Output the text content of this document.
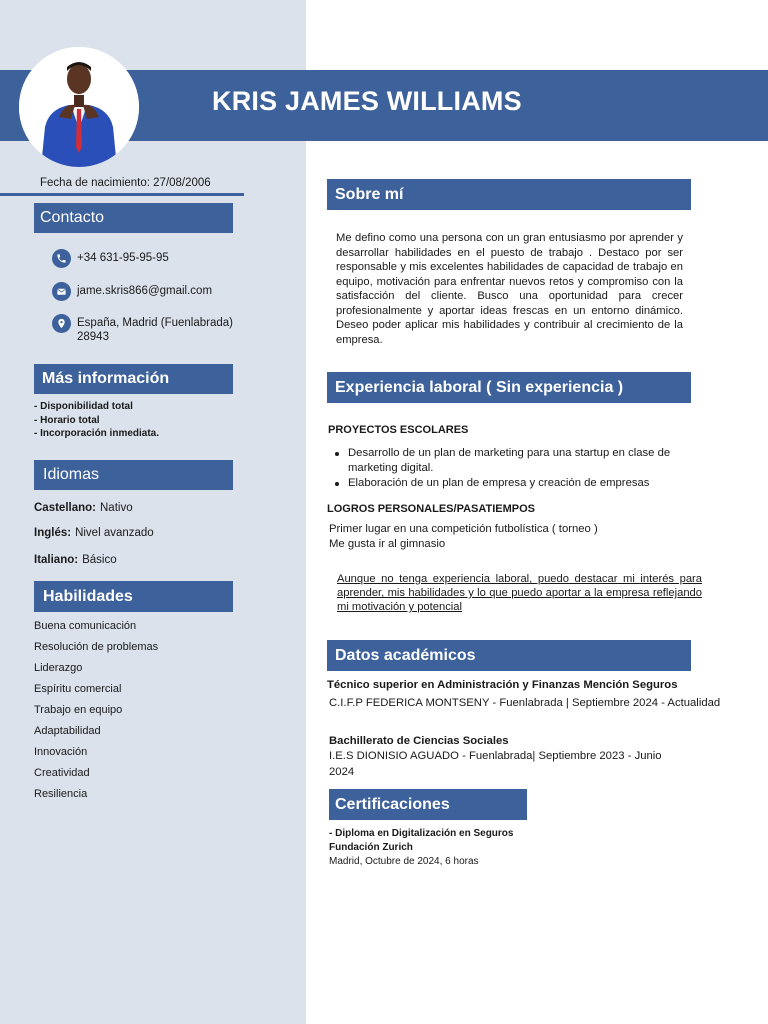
KRIS JAMES WILLIAMS
Fecha de nacimiento: 27/08/2006
Contacto
+34 631-95-95-95
jame.skris866@gmail.com
España, Madrid (Fuenlabrada)
28943
Más información
- Disponibilidad total
- Horario total
- Incorporación inmediata.
Idiomas
Castellano: Nativo
Inglés: Nivel avanzado
Italiano: Básico
Habilidades
Buena comunicación
Resolución de problemas
Liderazgo
Espíritu comercial
Trabajo en equipo
Adaptabilidad
Innovación
Creatividad
Resiliencia
Sobre mí
Me defino como una persona con un gran entusiasmo por aprender y desarrollar habilidades en el puesto de trabajo . Destaco por ser responsable y mis excelentes habilidades de capacidad de trabajo en equipo, motivación para enfrentar nuevos retos y compromiso con la satisfacción del cliente. Busco una oportunidad para crecer profesionalmente y aportar ideas frescas en un entorno dinámico. Deseo poder aplicar mis habilidades y contribuir al crecimiento de la empresa.
Experiencia laboral ( Sin experiencia )
PROYECTOS ESCOLARES
Desarrollo de un plan de marketing para una startup en clase de marketing digital.
Elaboración de un plan de empresa y creación de empresas
LOGROS PERSONALES/PASATIEMPOS
Primer lugar en una competición futbolística ( torneo )
Me gusta ir al gimnasio
Aunque no tenga experiencia laboral, puedo destacar mi interés para aprender, mis habilidades y lo que puedo aportar a la empresa reflejando mi motivación y potencial
Datos académicos
Técnico superior en Administración y Finanzas Mención Seguros
C.I.F.P FEDERICA MONTSENY - Fuenlabrada | Septiembre 2024 - Actualidad
Bachillerato de Ciencias Sociales
I.E.S DIONISIO AGUADO - Fuenlabrada| Septiembre 2023 - Junio
2024
Certificaciones
- Diploma en Digitalización en Seguros
Fundación Zurich
Madrid, Octubre de 2024, 6 horas
